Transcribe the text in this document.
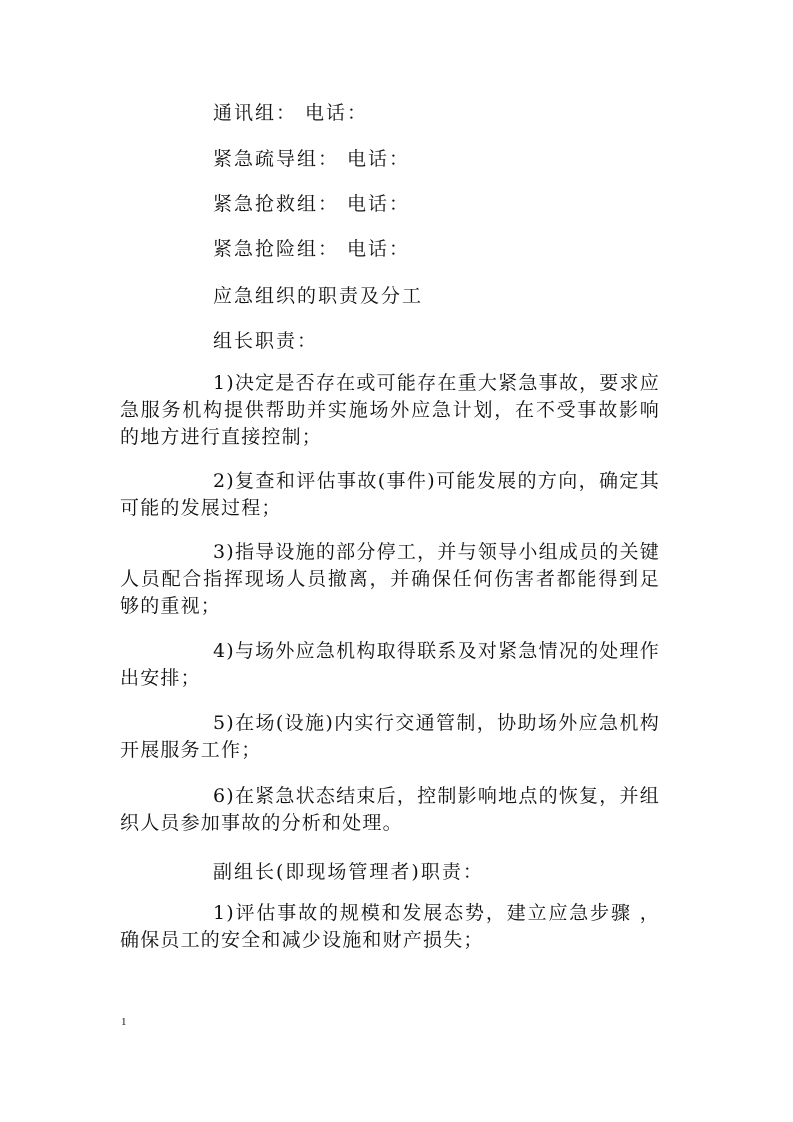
通讯组： 电话：
紧急疏导组： 电话：
紧急抢救组： 电话：
紧急抢险组： 电话：
应急组织的职责及分工
组长职责：
1)决定是否存在或可能存在重大紧急事故，要求应急服务机构提供帮助并实施场外应急计划，在不受事故影响的地方进行直接控制；
2)复查和评估事故(事件)可能发展的方向，确定其可能的发展过程；
3)指导设施的部分停工，并与领导小组成员的关键人员配合指挥现场人员撤离，并确保任何伤害者都能得到足够的重视；
4)与场外应急机构取得联系及对紧急情况的处理作出安排；
5)在场(设施)内实行交通管制，协助场外应急机构开展服务工作；
6)在紧急状态结束后，控制影响地点的恢复，并组织人员参加事故的分析和处理。
副组长(即现场管理者)职责：
1)评估事故的规模和发展态势，建立应急步骤 ，确保员工的安全和减少设施和财产损失；
1
